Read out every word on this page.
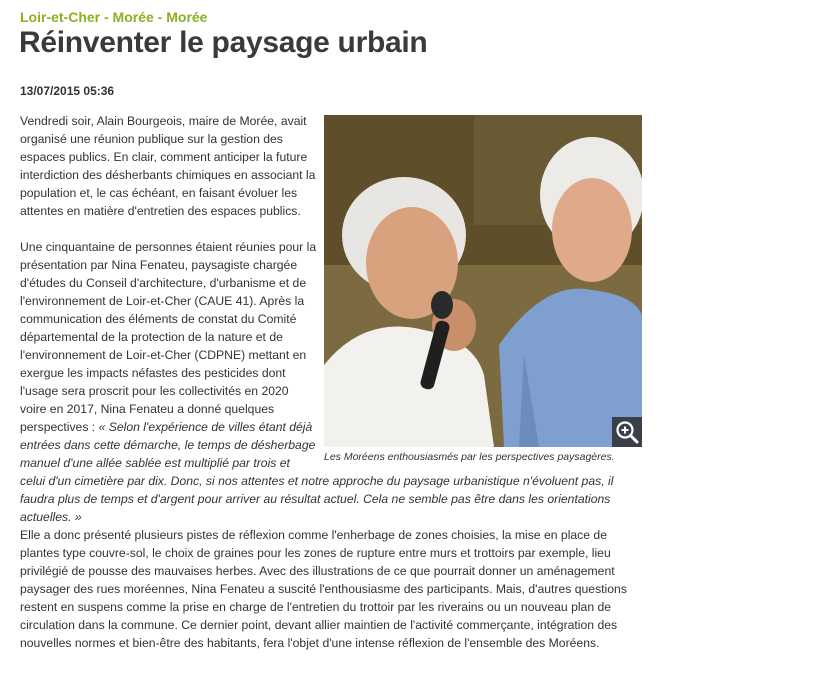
Loir-et-Cher - Morée - Morée
Réinventer le paysage urbain
13/07/2015 05:36
Les Moréens enthousiasmés par les perspectives paysagères.

Vendredi soir, Alain Bourgeois, maire de Morée, avait organisé une réunion publique sur la gestion des espaces publics. En clair, comment anticiper la future interdiction des désherbants chimiques en associant la population et, le cas échéant, en faisant évoluer les attentes en matière d'entretien des espaces publics.

Une cinquantaine de personnes étaient réunies pour la présentation par Nina Fenateu, paysagiste chargée d'études du Conseil d'architecture, d'urbanisme et de l'environnement de Loir-et-Cher (CAUE 41). Après la communication des éléments de constat du Comité départemental de la protection de la nature et de l'environnement de Loir-et-Cher (CDPNE) mettant en exergue les impacts néfastes des pesticides dont l'usage sera proscrit pour les collectivités en 2020 voire en 2017, Nina Fenateu a donné quelques perspectives : « Selon l'expérience de villes étant déjà entrées dans cette démarche, le temps de désherbage manuel d'une allée sablée est multiplié par trois et celui d'un cimetière par dix. Donc, si nos attentes et notre approche du paysage urbanistique n'évoluent pas, il faudra plus de temps et d'argent pour arriver au résultat actuel. Cela ne semble pas être dans les orientations actuelles. »

Elle a donc présenté plusieurs pistes de réflexion comme l'enherbage de zones choisies, la mise en place de plantes type couvre-sol, le choix de graines pour les zones de rupture entre murs et trottoirs par exemple, lieu privilégié de pousse des mauvaises herbes. Avec des illustrations de ce que pourrait donner un aménagement paysager des rues moréennes, Nina Fenateu a suscité l'enthousiasme des participants. Mais, d'autres questions restent en suspens comme la prise en charge de l'entretien du trottoir par les riverains ou un nouveau plan de circulation dans la commune. Ce dernier point, devant allier maintien de l'activité commerçante, intégration des nouvelles normes et bien-être des habitants, fera l'objet d'une intense réflexion de l'ensemble des Moréens.
